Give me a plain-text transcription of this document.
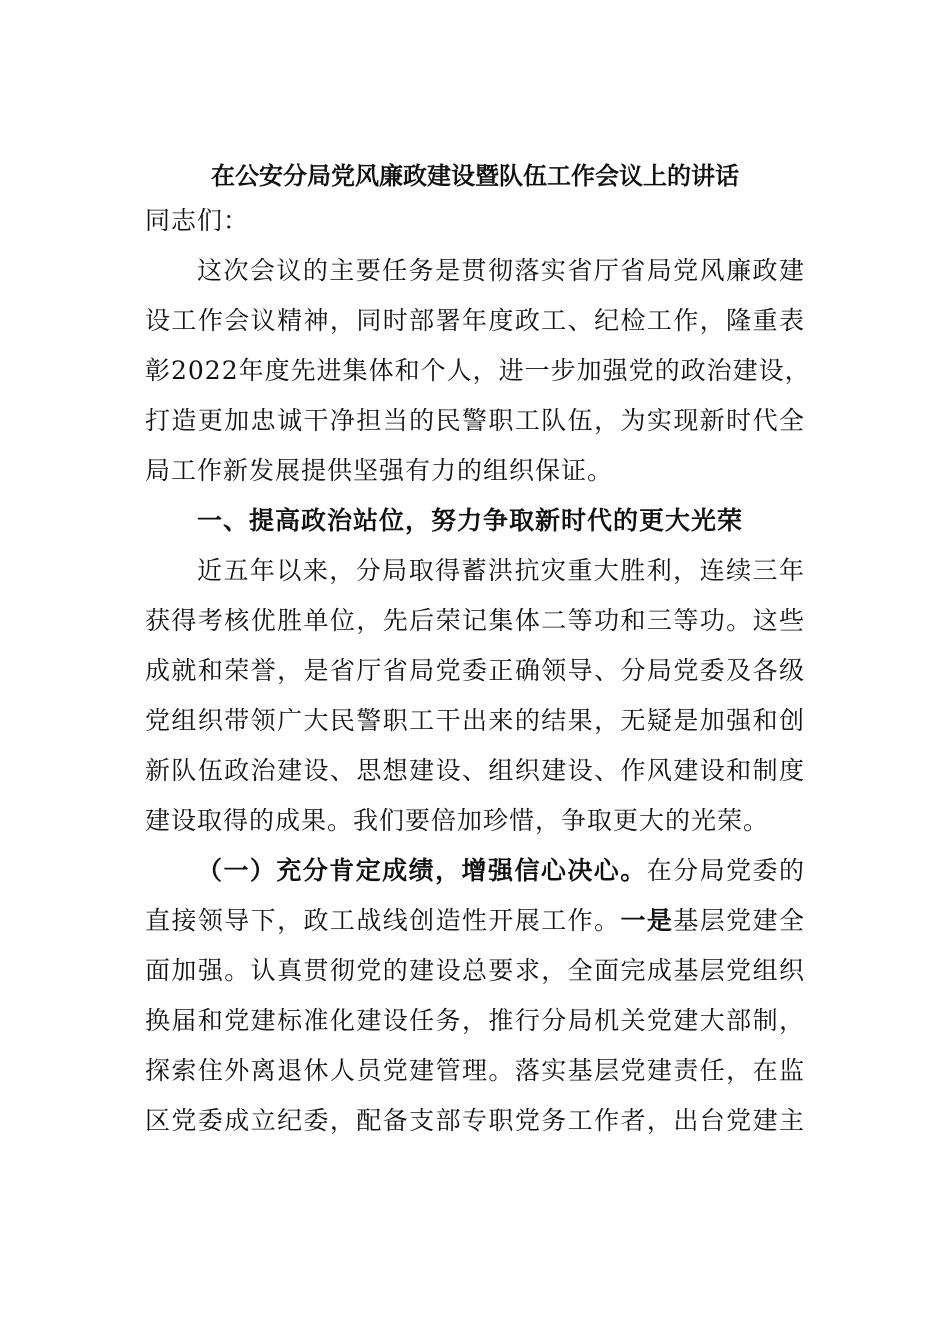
在公安分局党风廉政建设暨队伍工作会议上的讲话
同志们：
这次会议的主要任务是贯彻落实省厅省局党风廉政建
设工作会议精神，同时部署年度政工、纪检工作，隆重表
彰2022年度先进集体和个人，进一步加强党的政治建设，
打造更加忠诚干净担当的民警职工队伍，为实现新时代全
局工作新发展提供坚强有力的组织保证。
一、提高政治站位，努力争取新时代的更大光荣
近五年以来，分局取得蓄洪抗灾重大胜利，连续三年
获得考核优胜单位，先后荣记集体二等功和三等功。这些
成就和荣誉，是省厅省局党委正确领导、分局党委及各级
党组织带领广大民警职工干出来的结果，无疑是加强和创
新队伍政治建设、思想建设、组织建设、作风建设和制度
建设取得的成果。我们要倍加珍惜，争取更大的光荣。
（一）充分肯定成绩，增强信心决心。在分局党委的
直接领导下，政工战线创造性开展工作。一是基层党建全
面加强。认真贯彻党的建设总要求，全面完成基层党组织
换届和党建标准化建设任务，推行分局机关党建大部制，
探索住外离退休人员党建管理。落实基层党建责任，在监
区党委成立纪委，配备支部专职党务工作者，出台党建主
